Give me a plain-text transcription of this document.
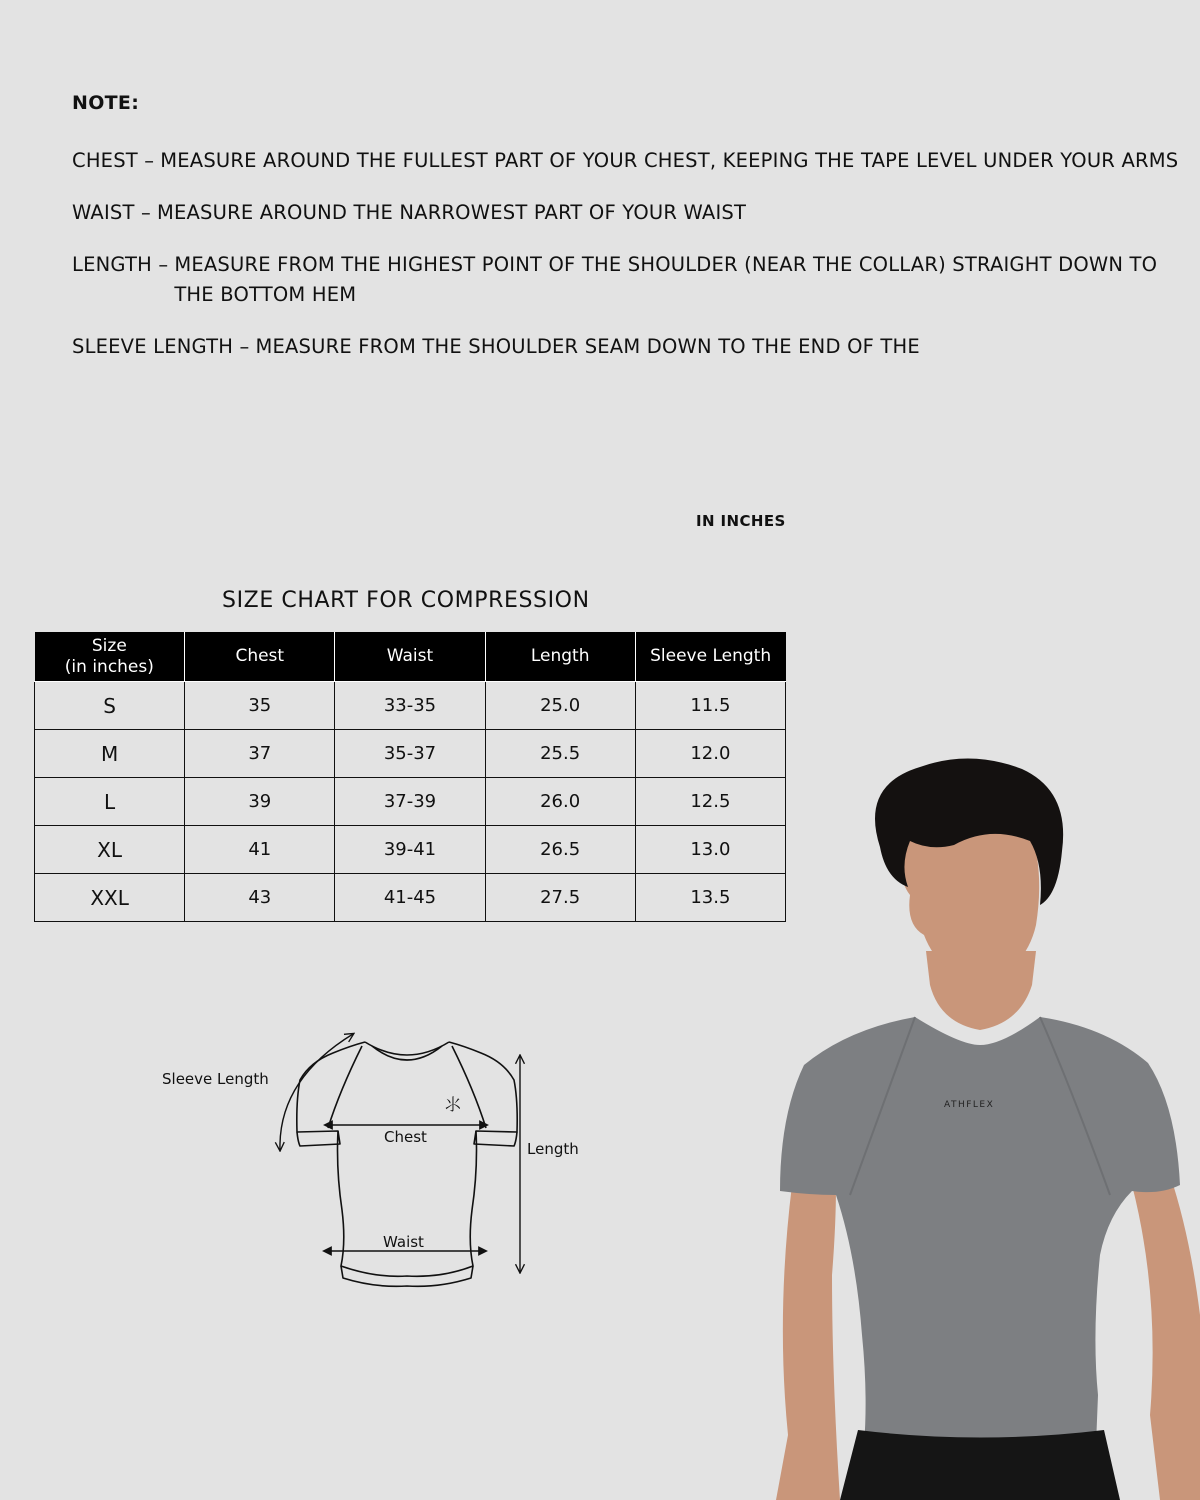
NOTE:
CHEST – MEASURE AROUND THE FULLEST PART OF YOUR CHEST, KEEPING THE TAPE LEVEL UNDER YOUR ARMS
WAIST – MEASURE AROUND THE NARROWEST PART OF YOUR WAIST
LENGTH – MEASURE FROM THE HIGHEST POINT OF THE SHOULDER (NEAR THE COLLAR) STRAIGHT DOWN TO THE BOTTOM HEM
SLEEVE LENGTH – MEASURE FROM THE SHOULDER SEAM DOWN TO THE END OF THE
IN INCHES
SIZE CHART FOR COMPRESSION
Size
(in inches)	Chest	Waist	Length	Sleeve Length
S	35	33-35	25.0	11.5
M	37	35-37	25.5	12.0
L	39	37-39	26.0	12.5
XL	41	39-41	26.5	13.0
XXL	43	41-45	27.5	13.5
⺢
Sleeve Length
Chest
Length
Waist
ATHFLEX
